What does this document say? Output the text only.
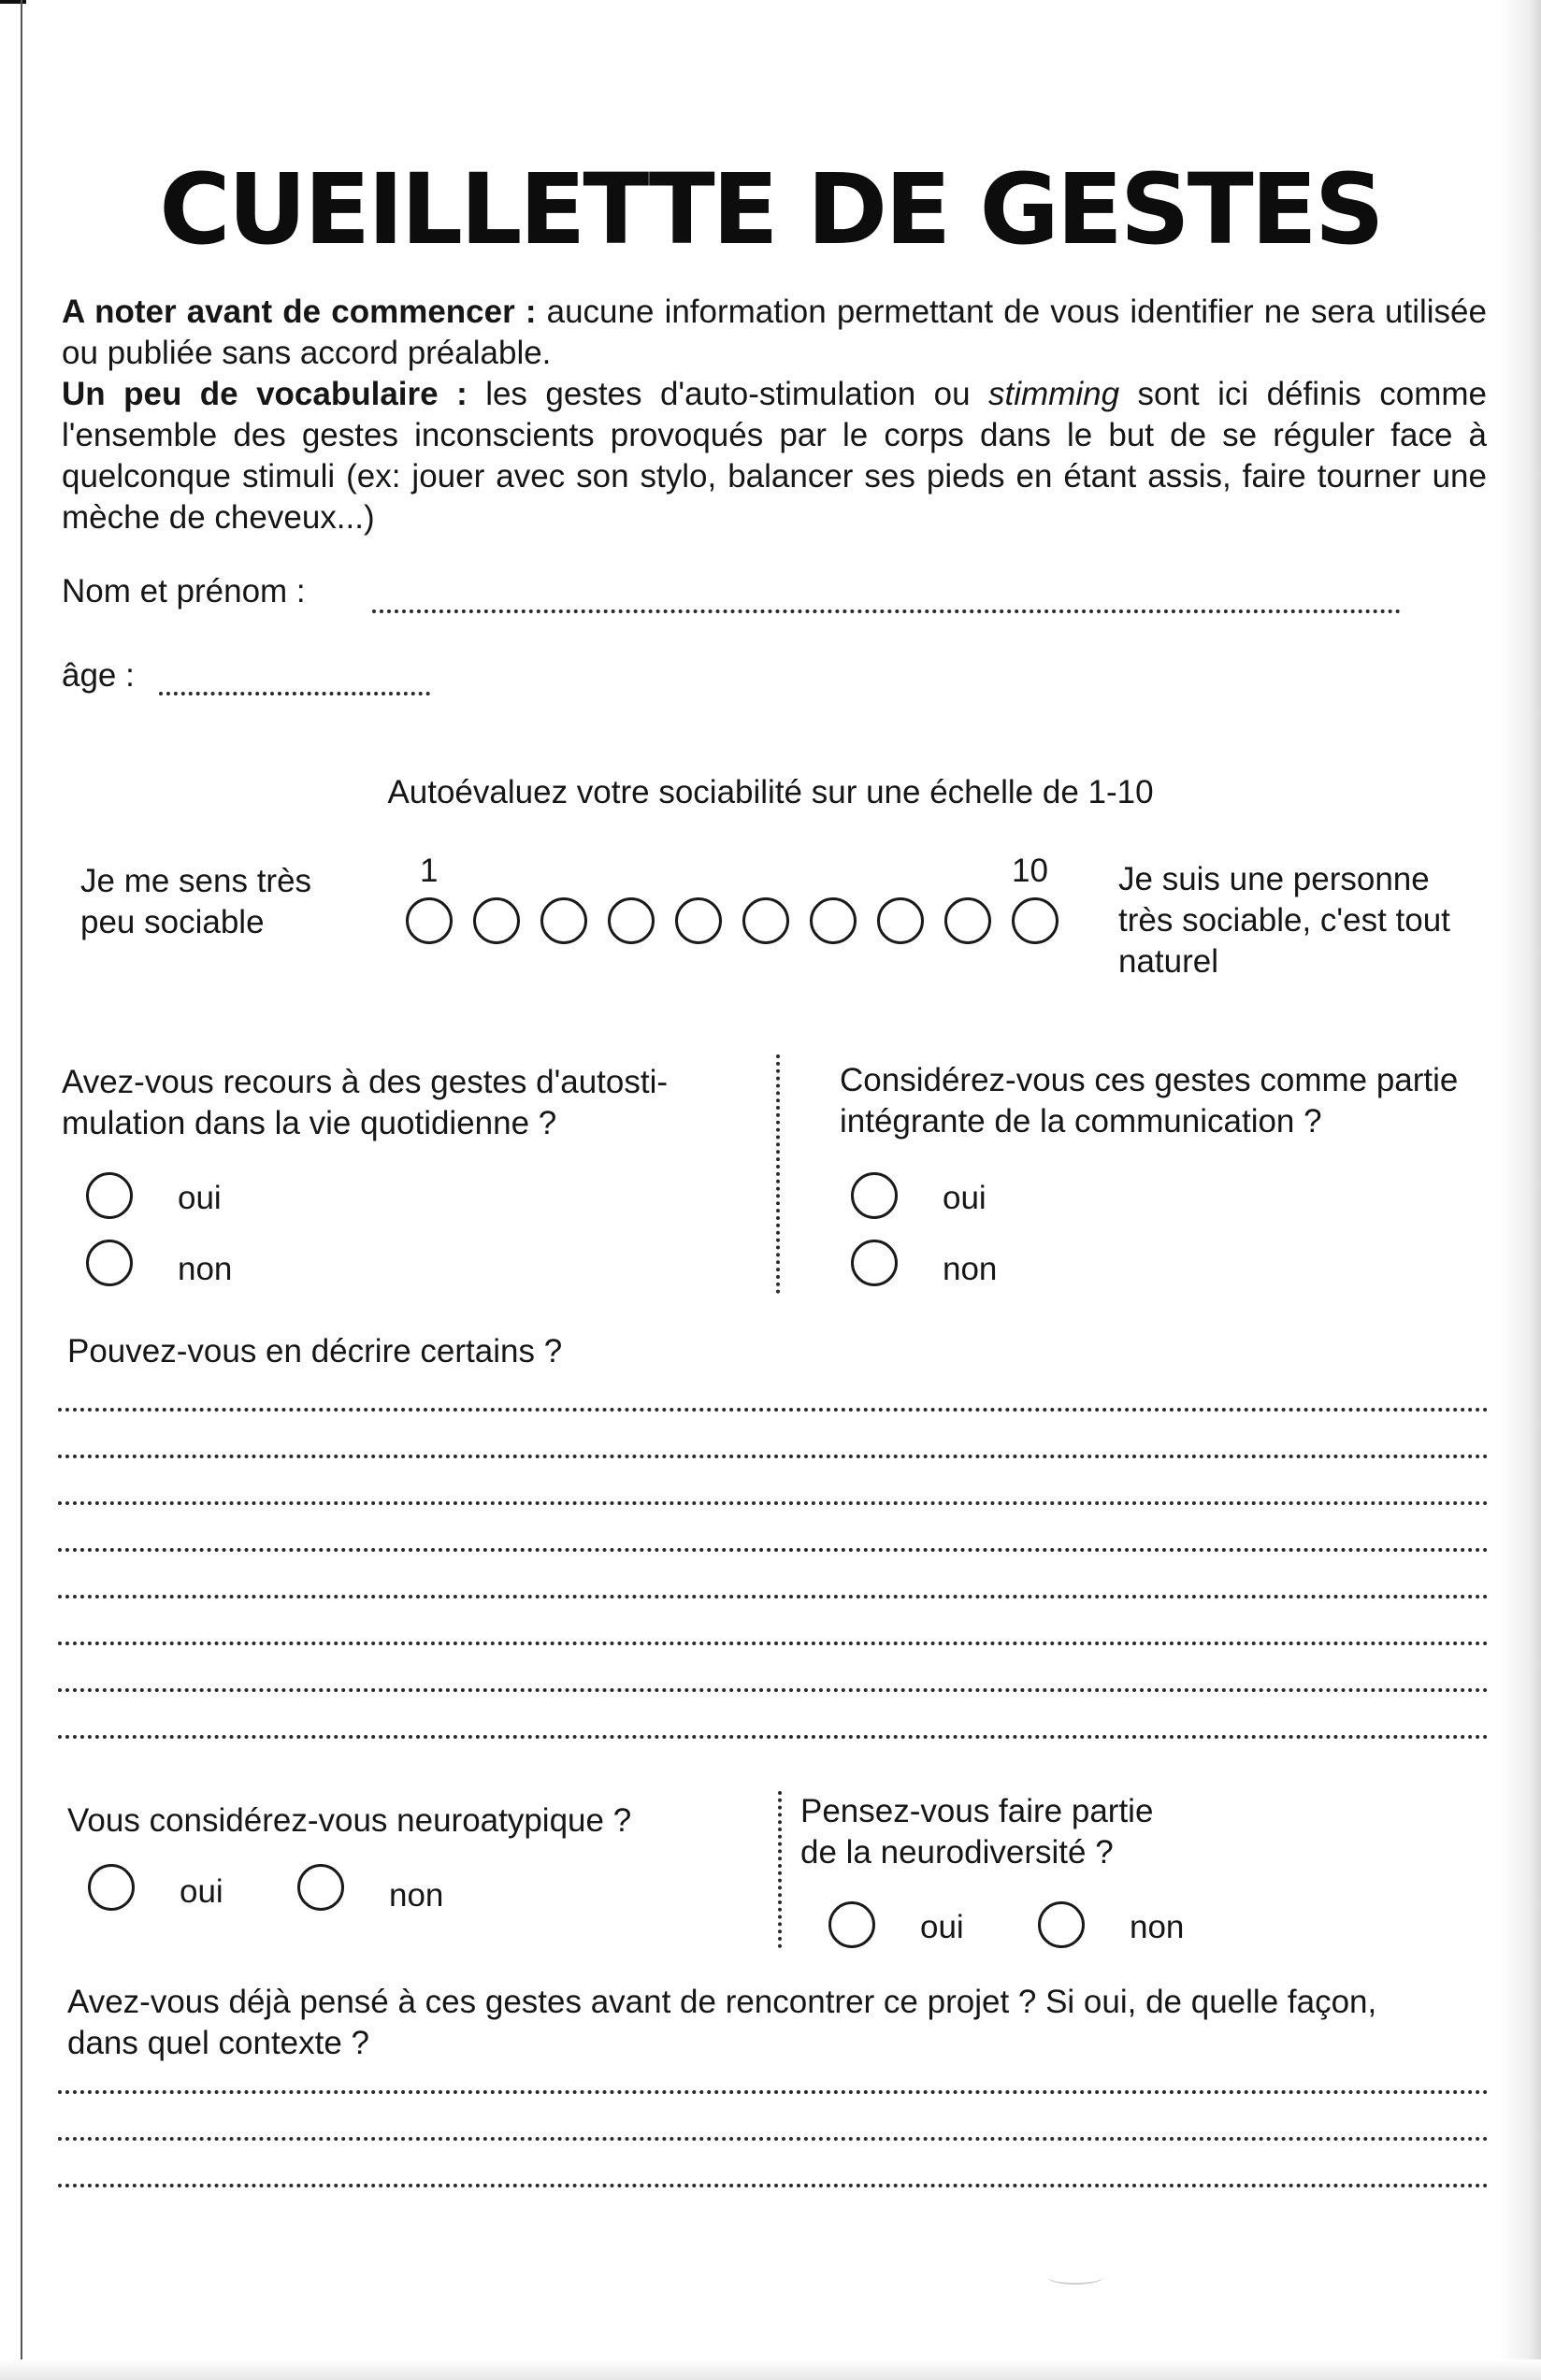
CUEILLETTE DE GESTES

A noter avant de commencer : aucune information permettant de vous identifier ne sera utilisée ou publiée sans accord préalable.

Un peu de vocabulaire : les gestes d'auto-stimulation ou stimming sont ici définis comme l'ensemble des gestes inconscients provoqués par le corps dans le but de se réguler face à quelconque stimuli (ex: jouer avec son stylo, balancer ses pieds en étant assis, faire tourner une mèche de cheveux...)

Nom et prénom :
âge :
Autoévaluez votre sociabilité sur une échelle de 1-10
Je me sens très
peu sociable
1	10 Je suis une personne
très sociable, c'est tout
naturel
Avez-vous recours à des gestes d'autosti-
mulation dans la vie quotidienne ?
oui
non
Considérez-vous ces gestes comme partie
intégrante de la communication ?
oui
non
Pouvez-vous en décrire certains ?
Vous considérez-vous neuroatypique ?
oui	non
Pensez-vous faire partie
de la neurodiversité ?
oui	non
Avez-vous déjà pensé à ces gestes avant de rencontrer ce projet ? Si oui, de quelle façon,
dans quel contexte ?
